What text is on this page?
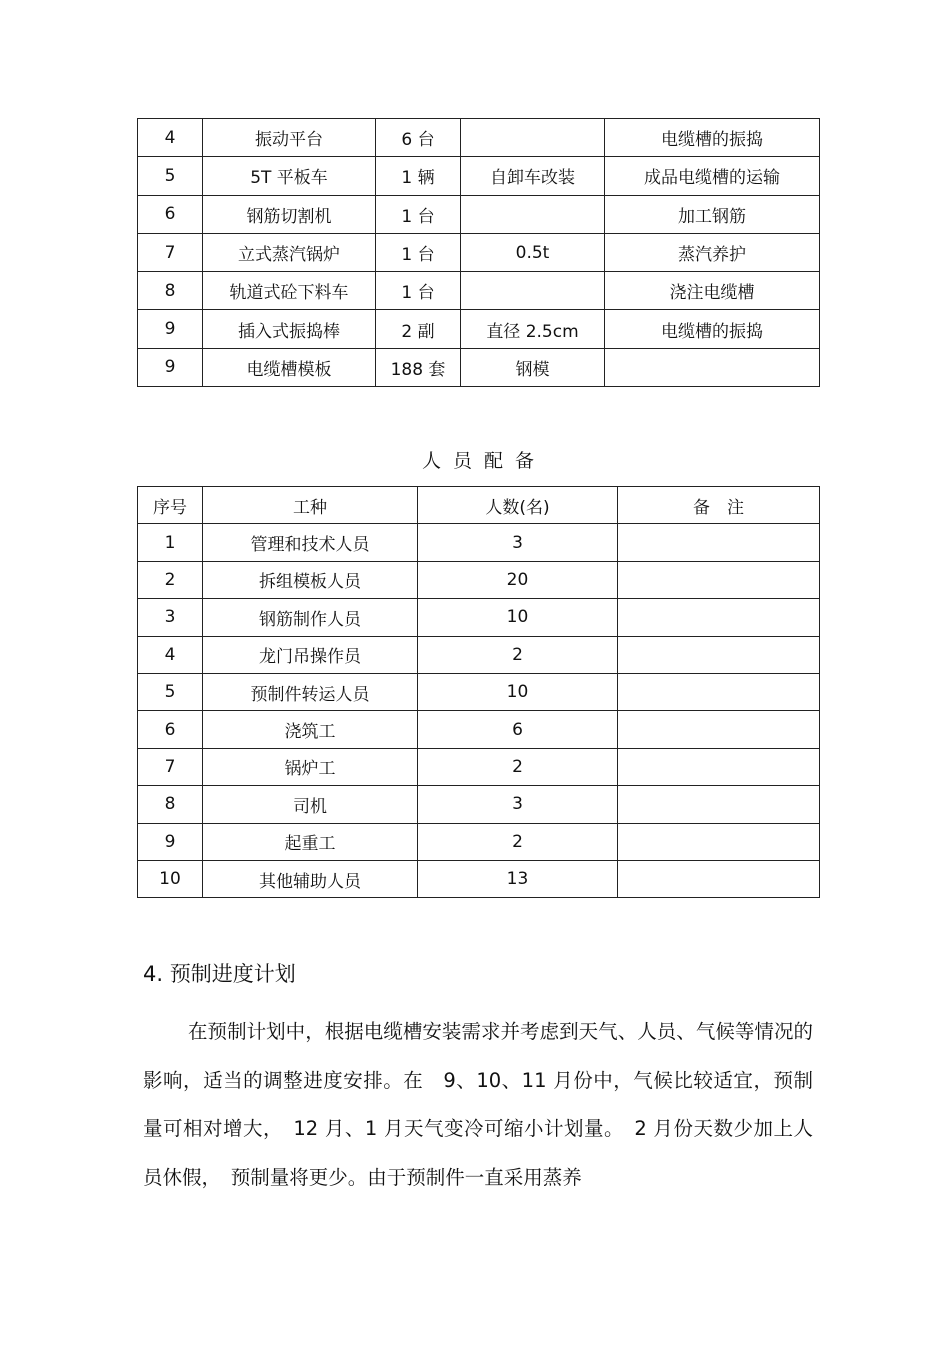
4	振动平台	6 台		电缆槽的振捣
5	5T 平板车	1 辆	自卸车改装	成品电缆槽的运输
6	钢筋切割机	1 台		加工钢筋
7	立式蒸汽锅炉	1 台	0.5t	蒸汽养护
8	轨道式砼下料车	1 台		浇注电缆槽
9	插入式振捣棒	2 副	直径 2.5cm	电缆槽的振捣
9	电缆槽模板	188 套	钢模	
人员配备
序号	工种	人数(名)	备　注
1	管理和技术人员	3	
2	拆组模板人员	20	
3	钢筋制作人员	10	
4	龙门吊操作员	2	
5	预制件转运人员	10	
6	浇筑工	6	
7	锅炉工	2	
8	司机	3	
9	起重工	2	
10	其他辅助人员	13	
4. 预制进度计划

在预制计划中，根据电缆槽安装需求并考虑到天气、人员、气候等情况的影响，适当的调整进度安排。在　9、10、11 月份中，气候比较适宜，预制量可相对增大，　12 月、1 月天气变冷可缩小计划量。　2 月份天数少加上人员休假，　预制量将更少。由于预制件一直采用蒸养
